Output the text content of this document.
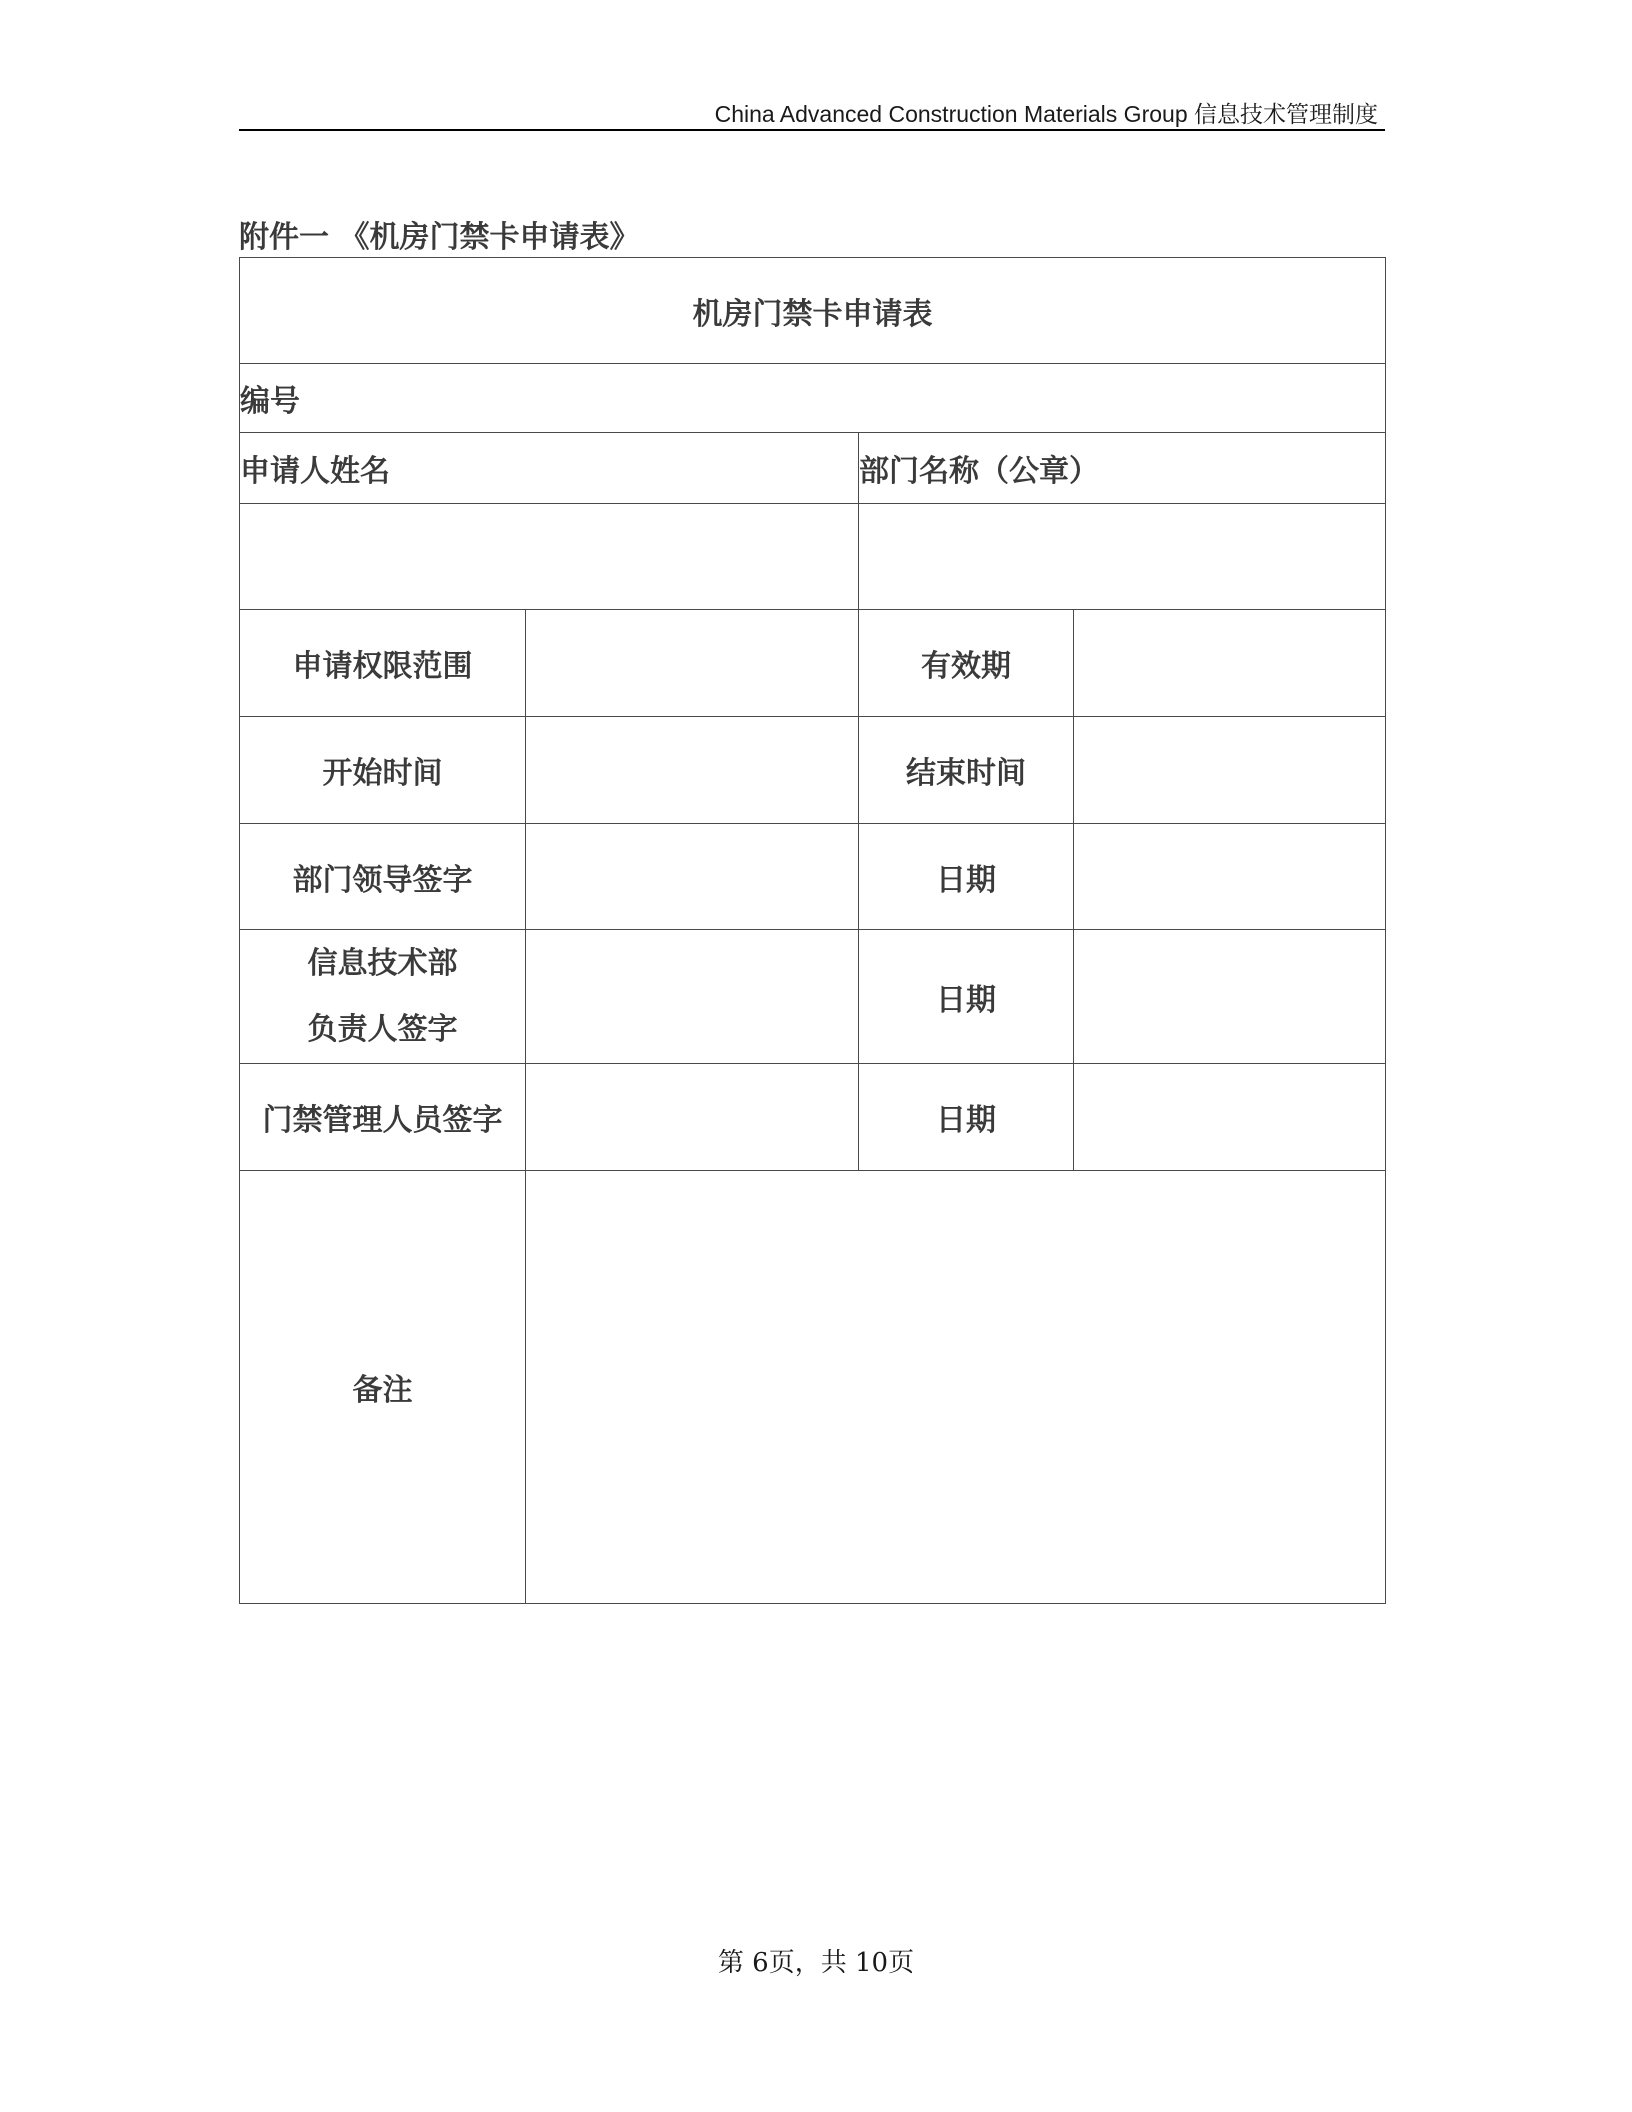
China Advanced Construction Materials Group 信息技术管理制度
附件一 《机房门禁卡申请表》
机房门禁卡申请表			
编号			
申请人姓名		部门名称（公章）	

申请权限范围		有效期	
开始时间		结束时间	
部门领导签字		日期	

信息技术部
负责人签字		日期	
门禁管理人员签字		日期	
备注			
第 6页，共 10页
